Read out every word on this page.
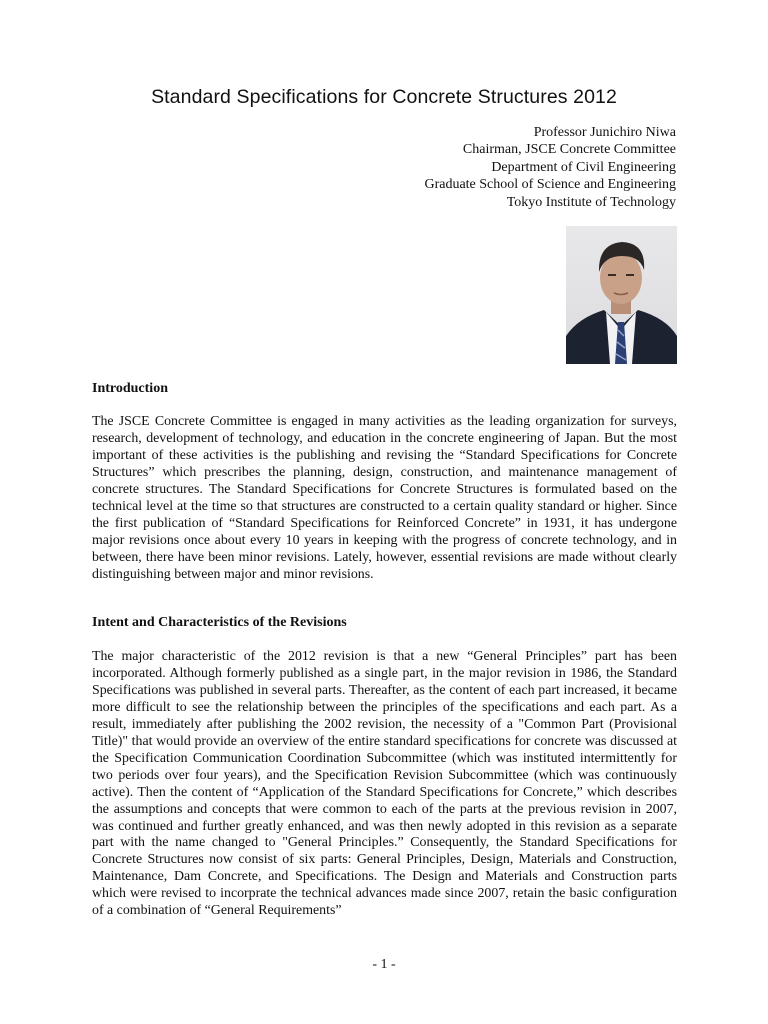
Standard Specifications for Concrete Structures 2012
Professor Junichiro Niwa
Chairman, JSCE Concrete Committee
Department of Civil Engineering
Graduate School of Science and Engineering
Tokyo Institute of Technology
Introduction

The JSCE Concrete Committee is engaged in many activities as the leading organization for surveys, research, development of technology, and education in the concrete engineering of Japan. But the most important of these activities is the publishing and revising the “Standard Specifications for Concrete Structures” which prescribes the planning, design, construction, and maintenance management of concrete structures. The Standard Specifications for Concrete Structures is formulated based on the technical level at the time so that structures are constructed to a certain quality standard or higher. Since the first publication of “Standard Specifications for Reinforced Concrete” in 1931, it has undergone major revisions once about every 10 years in keeping with the progress of concrete technology, and in between, there have been minor revisions. Lately, however, essential revisions are made without clearly distinguishing between major and minor revisions.

Intent and Characteristics of the Revisions

The major characteristic of the 2012 revision is that a new “General Principles” part has been incorporated. Although formerly published as a single part, in the major revision in 1986, the Standard Specifications was published in several parts. Thereafter, as the content of each part increased, it became more difficult to see the relationship between the principles of the specifications and each part. As a result, immediately after publishing the 2002 revision, the necessity of a "Common Part (Provisional Title)" that would provide an overview of the entire standard specifications for concrete was discussed at the Specification Communication Coordination Subcommittee (which was instituted intermittently for two periods over four years), and the Specification Revision Subcommittee (which was continuously active). Then the content of “Application of the Standard Specifications for Concrete,” which describes the assumptions and concepts that were common to each of the parts at the previous revision in 2007, was continued and further greatly enhanced, and was then newly adopted in this revision as a separate part with the name changed to "General Principles.” Consequently, the Standard Specifications for Concrete Structures now consist of six parts: General Principles, Design, Materials and Construction, Maintenance, Dam Concrete, and Specifications. The Design and Materials and Construction parts which were revised to incorprate the technical advances made since 2007, retain the basic configuration of a combination of “General Requirements”

- 1 -
